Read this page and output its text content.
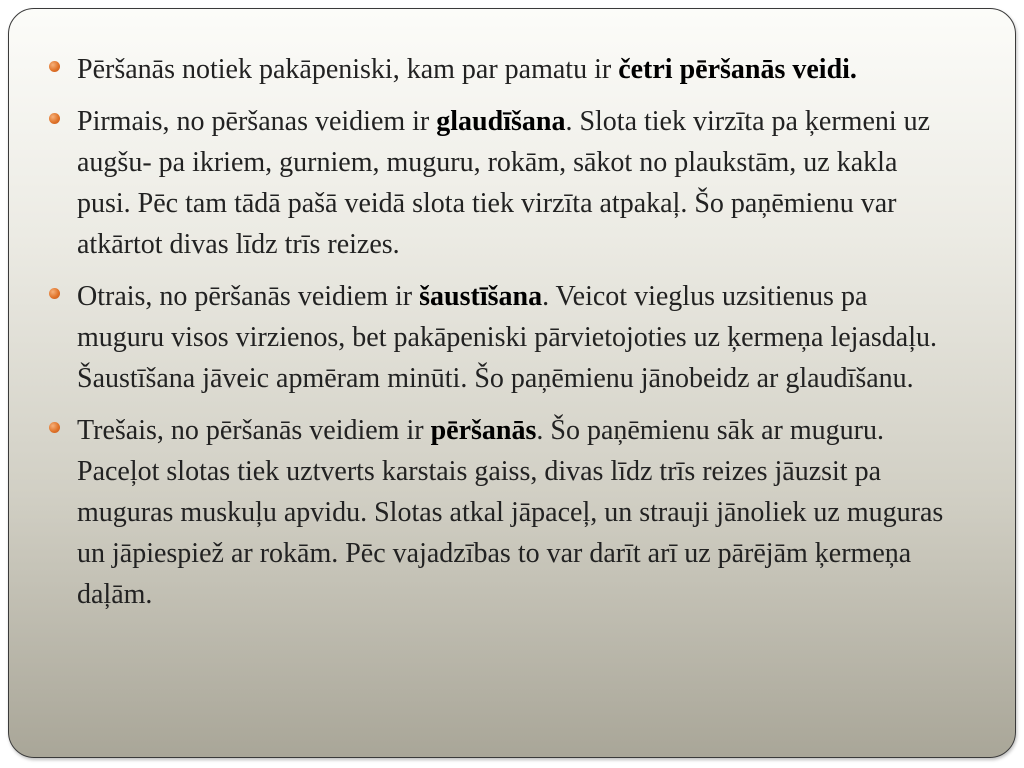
Pēršanās notiek pakāpeniski, kam par pamatu ir četri pēršanās veidi.
Pirmais, no pēršanas veidiem ir glaudīšana. Slota tiek virzīta pa ķermeni uz augšu- pa ikriem, gurniem, muguru, rokām, sākot no plaukstām, uz kakla pusi. Pēc tam tādā pašā veidā slota tiek virzīta atpakaļ. Šo paņēmienu var atkārtot divas līdz trīs reizes.
Otrais, no pēršanās veidiem ir šaustīšana. Veicot vieglus uzsitienus pa muguru visos virzienos, bet pakāpeniski pārvietojoties uz ķermeņa lejasdaļu. Šaustīšana jāveic apmēram minūti. Šo paņēmienu jānobeidz ar glaudīšanu.
Trešais, no pēršanās veidiem ir pēršanās. Šo paņēmienu sāk ar muguru. Paceļot slotas tiek uztverts karstais gaiss, divas līdz trīs reizes jāuzsit pa muguras muskuļu apvidu. Slotas atkal jāpaceļ, un strauji jānoliek uz muguras un jāpiespiež ar rokām. Pēc vajadzības to var darīt arī uz pārējām ķermeņa daļām.
